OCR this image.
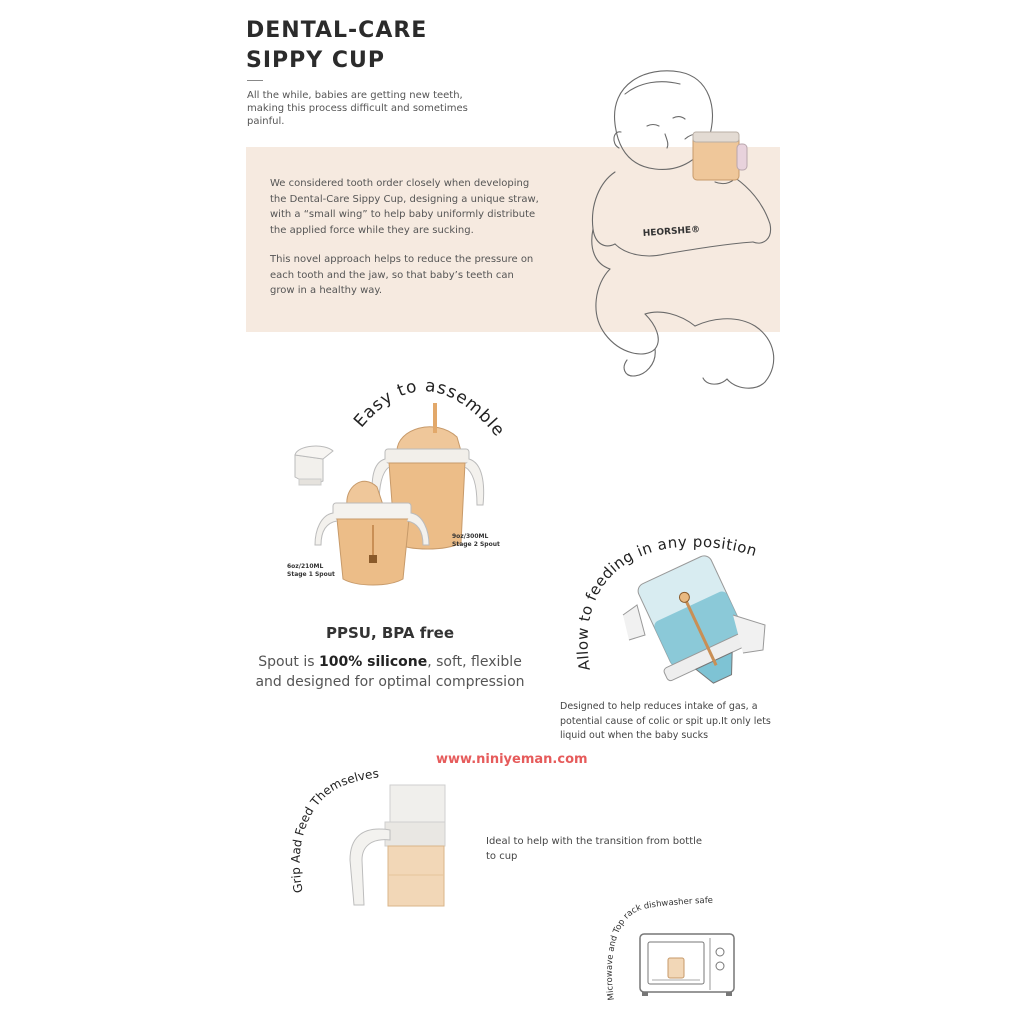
DENTAL-CARE
SIPPY CUP
All the while, babies are getting new teeth, making this process difficult and sometimes painful.

We considered tooth order closely when developing the Dental-Care Sippy Cup, designing a unique straw, with a “small wing” to help baby uniformly distribute the applied force while they are sucking.

This novel approach helps to reduce the pressure on each tooth and the jaw, so that baby’s teeth can grow in a healthy way.

HEORSHE®
Easy to assemble
6oz/210ML
Stage 1 Spout
9oz/300ML
Stage 2 Spout
PPSU, BPA free
Spout is 100% silicone, soft, flexible and designed for optimal compression
Allow to feeding in any position
Designed to help reduces intake of gas, a potential cause of colic or spit up.It only lets liquid out when the baby sucks
www.niniyeman.com
Grip Aad Feed Themselves
Ideal to help with the transition from bottle to cup
Microwave and Top rack dishwasher safe
